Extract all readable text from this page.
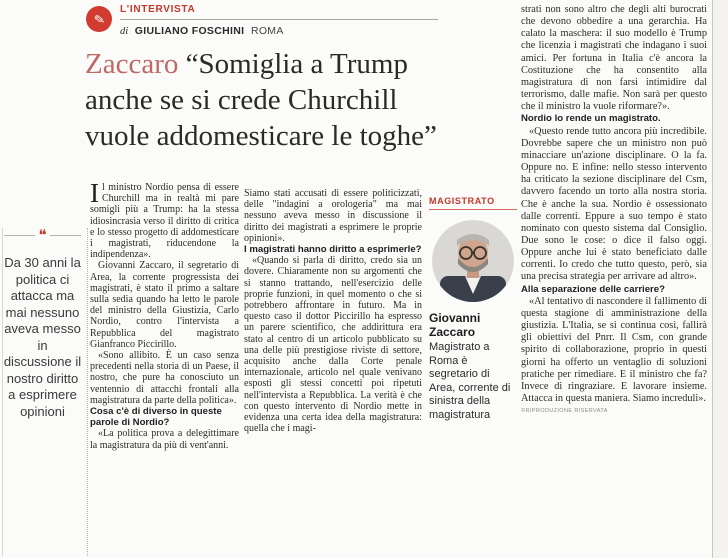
✎
L'INTERVISTA
di GIULIANO FOSCHINI ROMA
Zaccaro “Somiglia a Trump anche se si crede Churchill vuole addomesticare le toghe”
❝
Da 30 anni la politica ci attacca ma mai nessuno aveva messo in discussione il nostro diritto a esprimere opinioni

Il ministro Nordio pensa di essere Churchill ma in realtà mi pare somigli più a Trump: ha la stessa idiosincrasia verso il diritto di critica e lo stesso progetto di addomesticare i magistrati, riducendone la indipendenza».

Giovanni Zaccaro, il segretario di Area, la corrente progressista dei magistrati, è stato il primo a saltare sulla sedia quando ha letto le parole del ministro della Giustizia, Carlo Nordio, contro l'intervista a Repubblica del magistrato Gianfranco Piccirillo.

«Sono allibito. È un caso senza precedenti nella storia di un Paese, il nostro, che pure ha conosciuto un ventennio di attacchi frontali alla magistratura da parte della politica».

Cosa c'è di diverso in queste parole di Nordio?

«La politica prova a delegittimare la magistratura da più di vent'anni.

Siamo stati accusati di essere politicizzati, delle "indagini a orologeria" ma mai nessuno aveva messo in discussione il diritto dei magistrati a esprimere le proprie opinioni».

I magistrati hanno diritto a esprimerle?

«Quando si parla di diritto, credo sia un dovere. Chiaramente non su argomenti che si stanno trattando, nell'esercizio delle proprie funzioni, in quel momento o che si potrebbero affrontare in futuro. Ma in questo caso il dottor Piccirillo ha espresso un parere scientifico, che addirittura era stato al centro di un articolo pubblicato su una delle più prestigiose riviste di settore, acquisito anche dalla Corte penale internazionale, articolo nel quale venivano esposti gli stessi concetti poi ripetuti nell'intervista a Repubblica. La verità è che con questo intervento di Nordio mette in evidenza una certa idea della magistratura: quella che i magi-

strati non sono altro che degli alti burocrati che devono obbedire a una gerarchia. Ha calato la maschera: il suo modello è Trump che licenzia i magistrati che indagano i suoi amici. Per fortuna in Italia c'è ancora la Costituzione che ha consentito alla magistratura di non farsi intimidire dal terrorismo, dalle mafie. Non sarà per questo che il ministro la vuole riformare?».

Nordio lo rende un magistrato.

«Questo rende tutto ancora più incredibile. Dovrebbe sapere che un ministro non può minacciare un'azione disciplinare. O la fa. Oppure no. E infine: nello stesso intervento ha criticato la sezione disciplinare del Csm, davvero facendo un torto alla nostra storia. Che è anche la sua. Nordio è ossessionato dalle correnti. Eppure a suo tempo è stato nominato con questo sistema dal Consiglio. Due sono le cose: o dice il falso oggi. Oppure anche lui è stato beneficiato dalle correnti. Io credo che tutto questo, però, sia una precisa strategia per arrivare ad altro».

Alla separazione delle carriere?

«Al tentativo di nascondere il fallimento di questa stagione di amministrazione della giustizia. L'Italia, se si continua così, fallirà gli obiettivi del Pnrr. Il Csm, con grande spirito di collaborazione, proprio in questi giorni ha offerto un ventaglio di soluzioni pratiche per rimediare. E il ministro che fa? Invece di ringraziare. E lavorare insieme. Attacca in questa maniera. Siamo increduli».

©RIPRODUZIONE RISERVATA

MAGISTRATO
Giovanni Zaccaro
Magistrato a Roma è segretario di Area, corrente di sinistra della magistratura
